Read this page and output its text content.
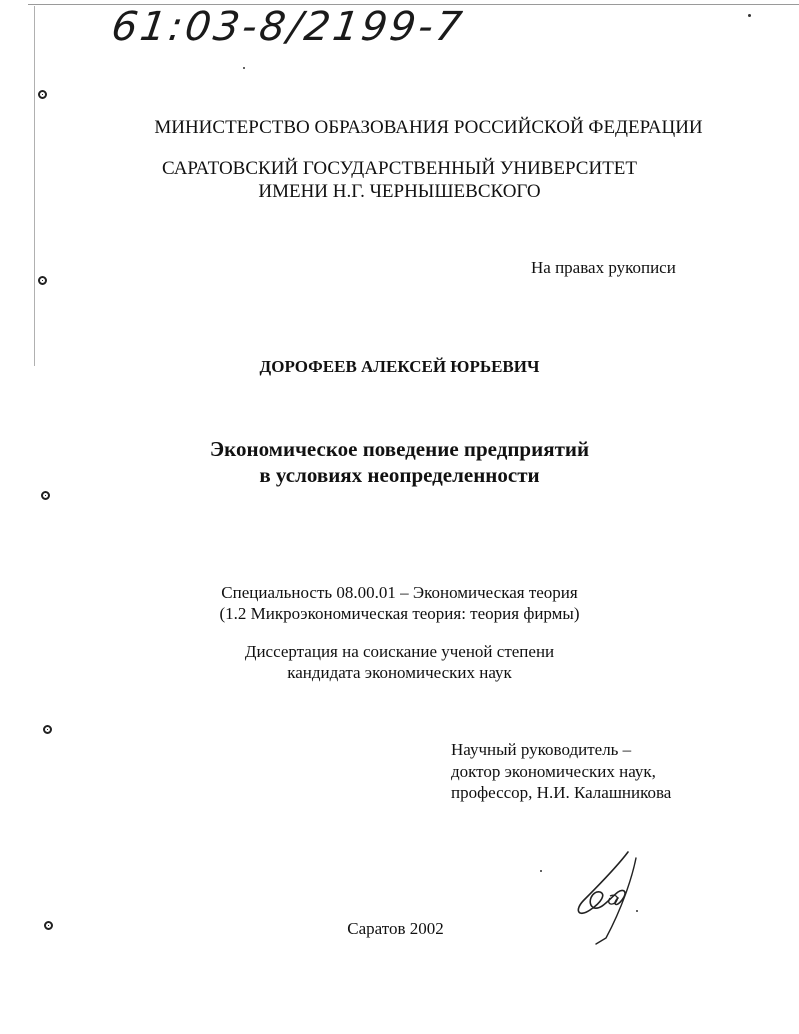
61:03-8/2199-7
МИНИСТЕРСТВО ОБРАЗОВАНИЯ РОССИЙСКОЙ ФЕДЕРАЦИИ
САРАТОВСКИЙ ГОСУДАРСТВЕННЫЙ УНИВЕРСИТЕТ
ИМЕНИ Н.Г. ЧЕРНЫШЕВСКОГО
На правах рукописи
ДОРОФЕЕВ АЛЕКСЕЙ ЮРЬЕВИЧ
Экономическое поведение предприятий
в условиях неопределенности
Специальность 08.00.01 – Экономическая теория
(1.2 Микроэкономическая теория: теория фирмы)
Диссертация на соискание ученой степени
кандидата экономических наук
Научный руководитель –
доктор экономических наук,
профессор, Н.И. Калашникова
Саратов 2002
